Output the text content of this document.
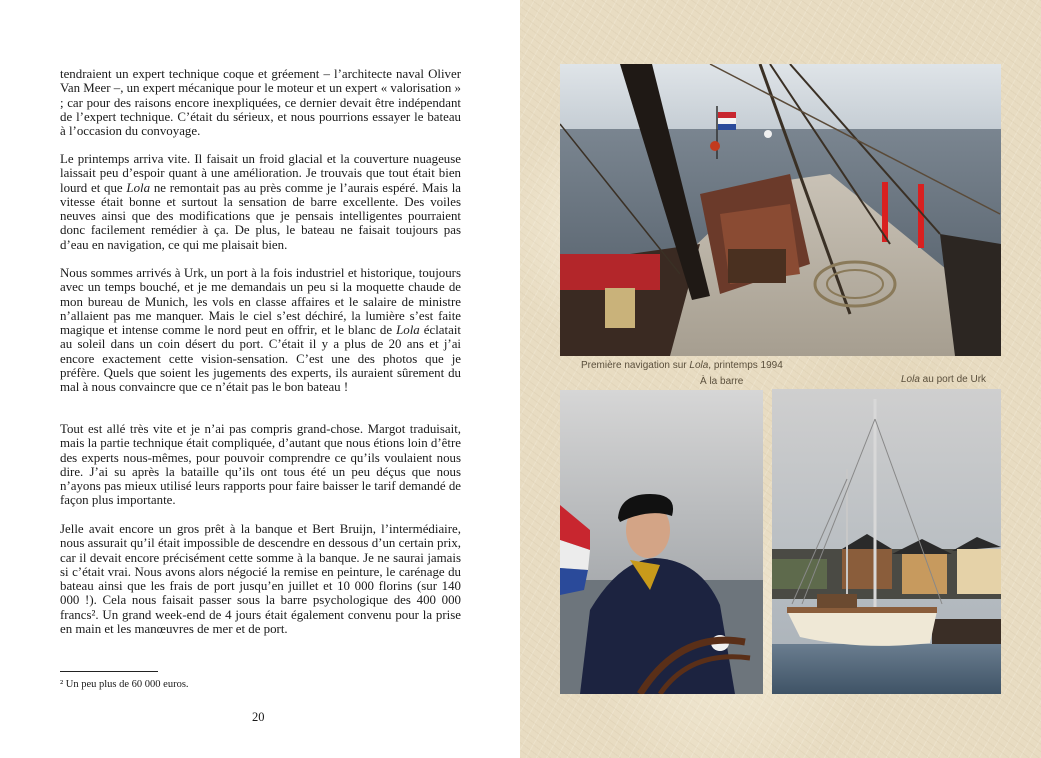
tendraient un expert technique coque et gréement – l’architecte naval Oliver Van Meer –, un expert mécanique pour le moteur et un expert « valorisation » ; car pour des raisons encore inexpliquées, ce dernier devait être indépendant de l’expert technique. C’était du sérieux, et nous pourrions essayer le bateau à l’occasion du convoyage.

Le printemps arriva vite. Il faisait un froid glacial et la couverture nuageuse laissait peu d’espoir quant à une amélioration. Je trouvais que tout était bien lourd et que Lola ne remontait pas au près comme je l’aurais espéré. Mais la vitesse était bonne et surtout la sensation de barre excellente. Des voiles neuves ainsi que des modifications que je pensais intelligentes pourraient donc facilement remédier à ça. De plus, le bateau ne faisait toujours pas d’eau en navigation, ce qui me plaisait bien.

Nous sommes arrivés à Urk, un port à la fois industriel et historique, toujours avec un temps bouché, et je me demandais un peu si la moquette chaude de mon bureau de Munich, les vols en classe affaires et le salaire de ministre n’allaient pas me manquer. Mais le ciel s’est déchiré, la lumière s’est faite magique et intense comme le nord peut en offrir, et le blanc de Lola éclatait au soleil dans un coin désert du port. C’était il y a plus de 20 ans et j’ai encore exactement cette vision-sensation. C’est une des photos que je préfère. Quels que soient les jugements des experts, ils auraient sûrement du mal à nous convaincre que ce n’était pas le bon bateau !

Tout est allé très vite et je n’ai pas compris grand-chose. Margot traduisait, mais la partie technique était compliquée, d’autant que nous étions loin d’être des experts nous-mêmes, pour pouvoir comprendre ce qu’ils voulaient nous dire. J’ai su après la bataille qu’ils ont tous été un peu déçus que nous n’ayons pas mieux utilisé leurs rapports pour faire baisser le tarif demandé de façon plus importante.

Jelle avait encore un gros prêt à la banque et Bert Bruijn, l’intermédiaire, nous assurait qu’il était impossible de descendre en dessous d’un certain prix, car il devait encore précisément cette somme à la banque. Je ne saurai jamais si c’était vrai. Nous avons alors négocié la remise en peinture, le carénage du bateau ainsi que les frais de port jusqu’en juillet et 10 000 florins (sur 140 000 !). Cela nous faisait passer sous la barre psychologique des 400 000 francs². Un grand week-end de 4 jours était également convenu pour la prise en main et les manœuvres de mer et de port.

² Un peu plus de 60 000 euros.
20
Première navigation sur Lola, printemps 1994
À la barre	Lola au port de Urk
